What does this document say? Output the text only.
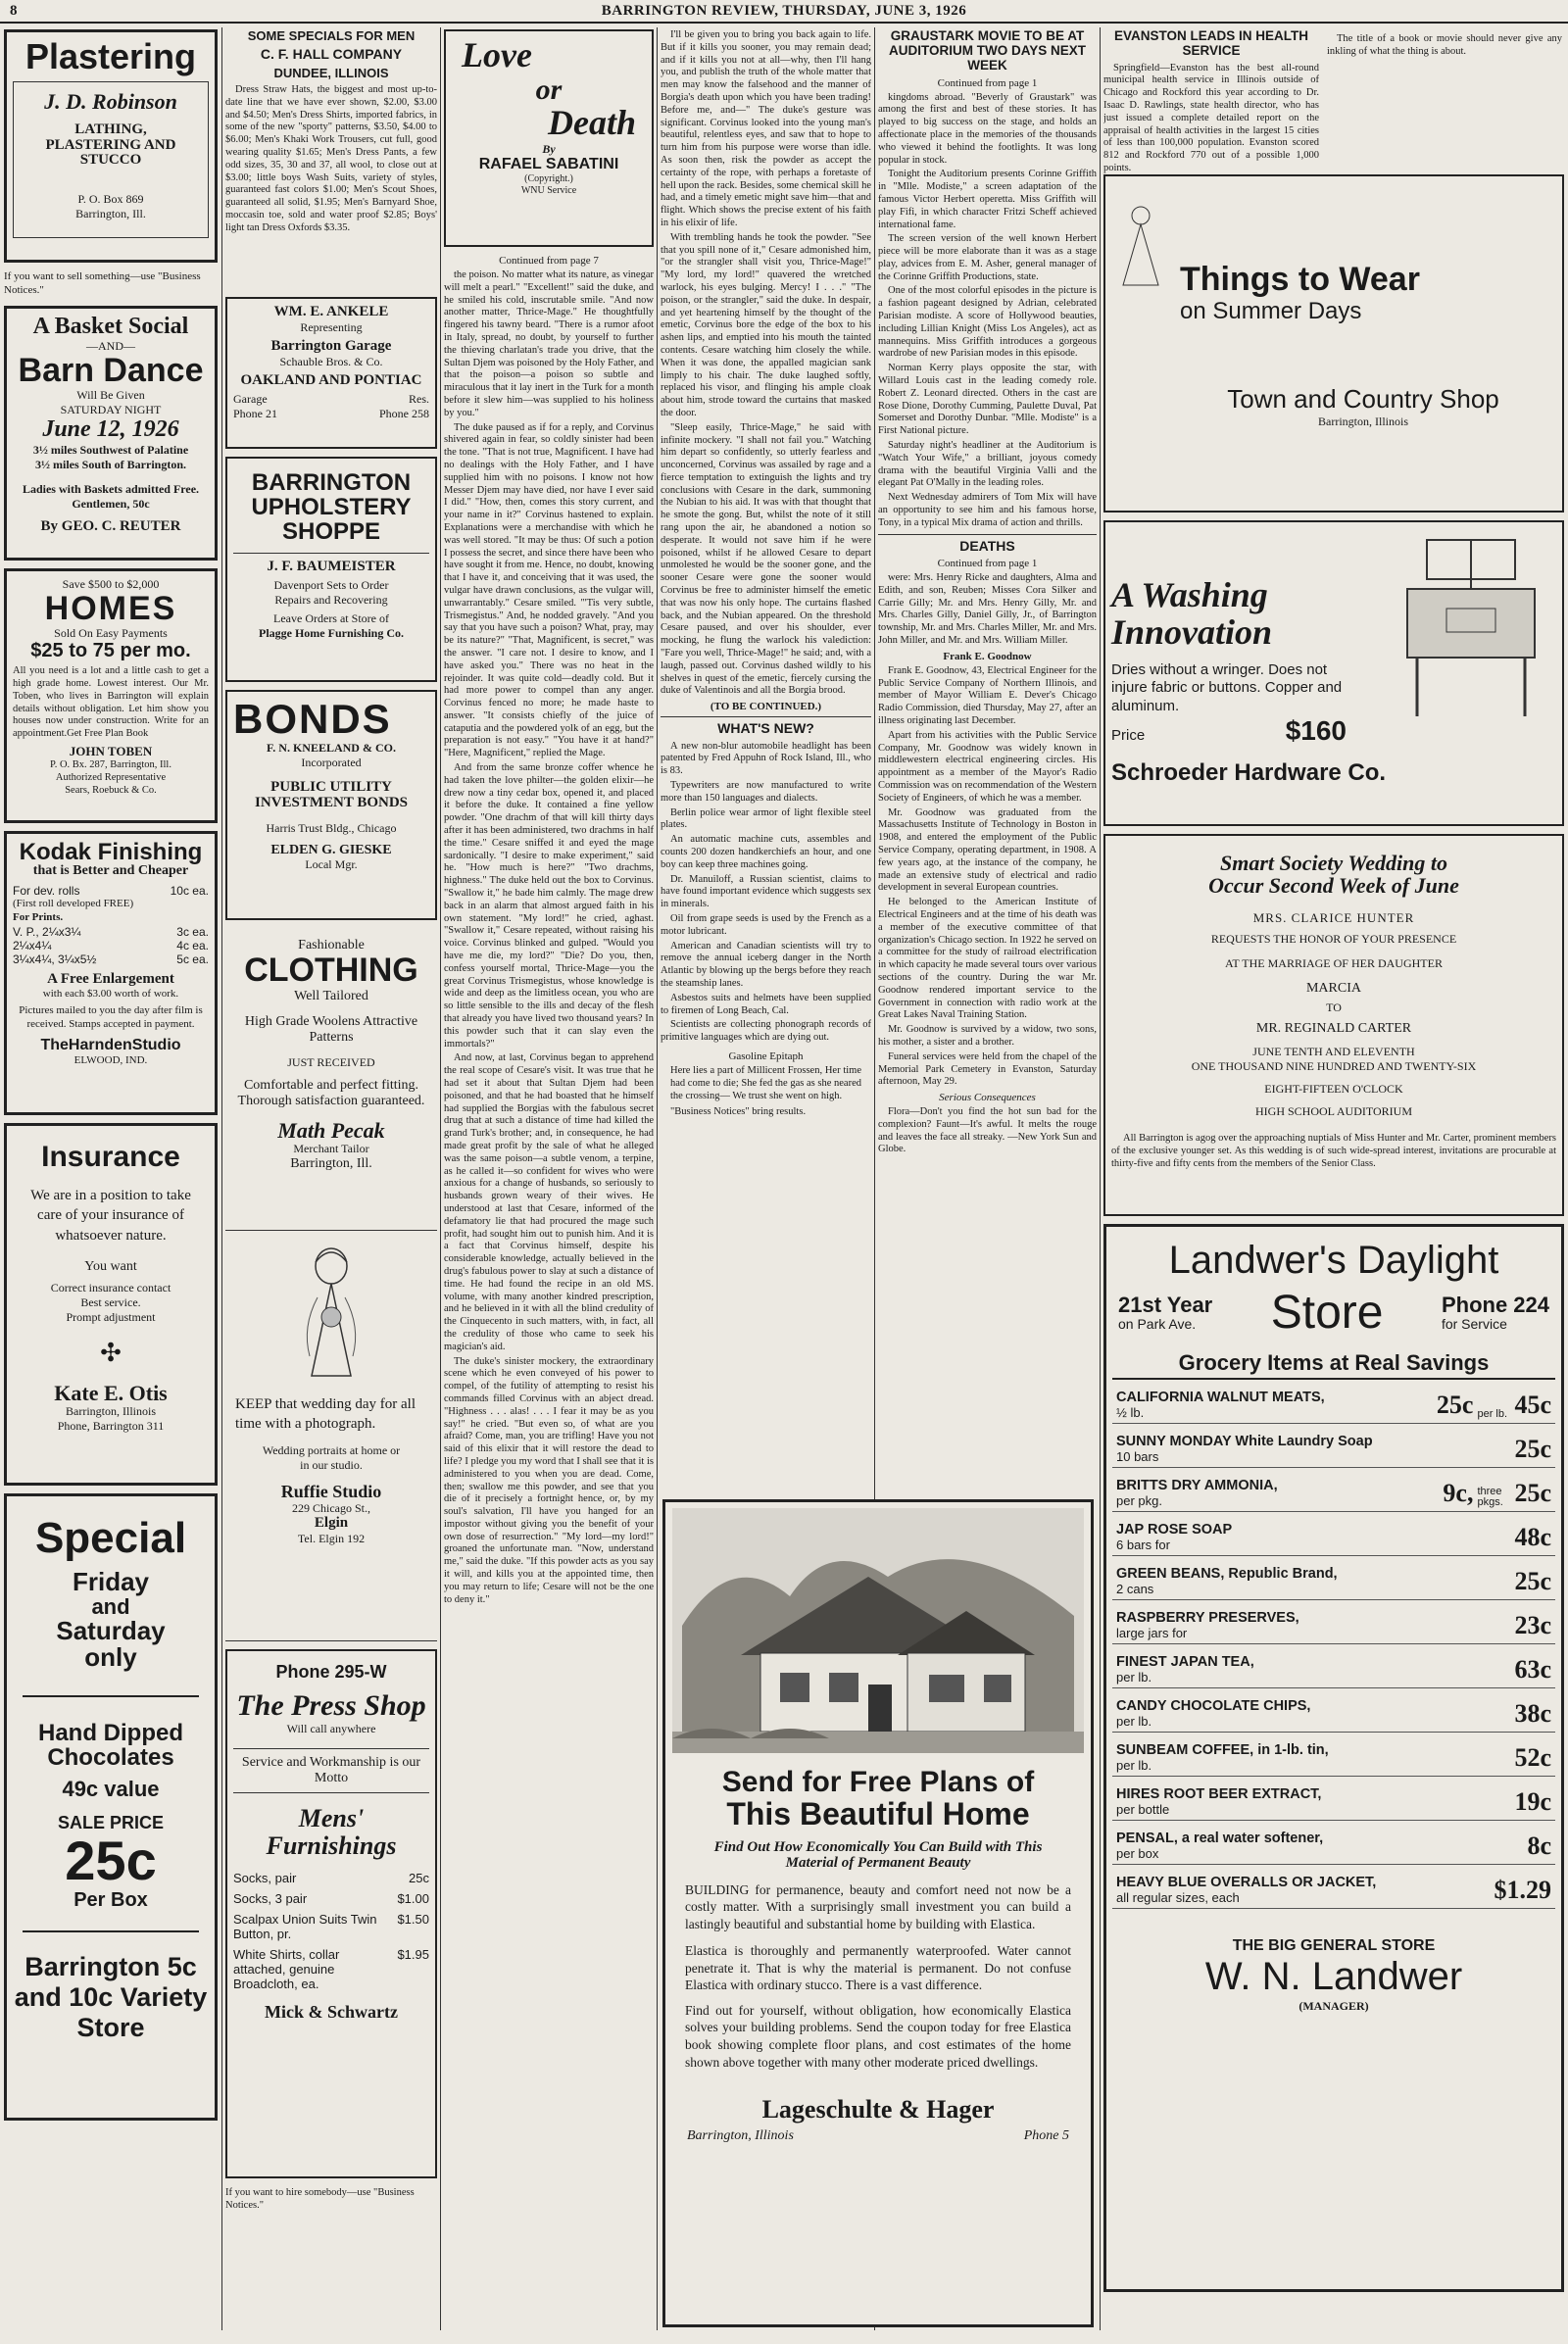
8	BARRINGTON REVIEW, THURSDAY, JUNE 3, 1926
Plastering
J. D. Robinson
LATHING, PLASTERING AND STUCCO
P. O. Box 869
Barrington, Ill.
If you want to sell something—use "Business Notices."
A Basket Social
—AND—
Barn Dance
Will Be Given
SATURDAY NIGHT
June 12, 1926
3½ miles Southwest of Palatine
3½ miles South of Barrington.
Ladies with Baskets admitted Free. Gentlemen, 50c
By GEO. C. REUTER
Save $500 to $2,000
HOMES
Sold On Easy Payments
$25 to 75 per mo.
All you need is a lot and a little cash to get a high grade home. Lowest interest. Our Mr. Toben, who lives in Barrington will explain details without obligation. Let him show you houses now under construction. Write for an appointment.Get Free Plan Book
JOHN TOBEN
P. O. Bx. 287, Barrington, Ill.
Authorized Representative
Sears, Roebuck & Co.
Kodak Finishing
that is Better and Cheaper
For dev. rolls	10c ea.
(First roll developed FREE)
For Prints.
V. P., 2¼x3¼	3c ea.
2¼x4¼	4c ea.
3¼x4¼, 3¼x5½	5c ea.
A Free Enlargement
with each $3.00 worth of work.
Pictures mailed to you the day after film is received. Stamps accepted in payment.
TheHarndenStudio
ELWOOD, IND.
Insurance
We are in a position to take care of your insurance of whatsoever nature.
You want
Correct insurance contact
Best service.
Prompt adjustment
✣
Kate E. Otis
Barrington, Illinois
Phone, Barrington 311
Special
Friday
and
Saturday
only
Hand Dipped Chocolates
49c value
SALE PRICE
25c
Per Box
Barrington 5c and 10c Variety Store
SOME SPECIALS FOR MEN
C. F. HALL COMPANY
DUNDEE, ILLINOIS
Dress Straw Hats, the biggest and most up-to-date line that we have ever shown, $2.00, $3.00 and $4.50; Men's Dress Shirts, imported fabrics, in some of the new "sporty" patterns, $3.50, $4.00 to $6.00; Men's Khaki Work Trousers, cut full, good wearing quality $1.65; Men's Dress Pants, a few odd sizes, 35, 30 and 37, all wool, to close out at $3.00; little boys Wash Suits, variety of styles, guaranteed fast colors $1.00; Men's Scout Shoes, guaranteed all solid, $1.95; Men's Barnyard Shoe, moccasin toe, sold and water proof $2.85; Boys' light tan Dress Oxfords $3.35.
WM. E. ANKELE
Representing
Barrington Garage
Schauble Bros. & Co.
OAKLAND AND PONTIAC
Garage	Res.
Phone 21	Phone 258
BARRINGTON
UPHOLSTERY
SHOPPE
J. F. BAUMEISTER
Davenport Sets to Order
Repairs and Recovering
Leave Orders at Store of
Plagge Home Furnishing Co.
BONDS
F. N. KNEELAND & CO.
Incorporated
PUBLIC UTILITY INVESTMENT BONDS
Harris Trust Bldg., Chicago
ELDEN G. GIESKE
Local Mgr.
Fashionable
CLOTHING
Well Tailored
High Grade Woolens Attractive Patterns
JUST RECEIVED
Comfortable and perfect fitting. Thorough satisfaction guaranteed.
Math Pecak
Merchant Tailor
Barrington, Ill.
KEEP that wedding day for all time with a photograph.
Wedding portraits at home or in our studio.
Ruffie Studio
229 Chicago St.,
Elgin
Tel. Elgin 192
Phone 295-W
The Press Shop
Will call anywhere
Service and Workmanship is our Motto
Mens' Furnishings
Socks, pair	25c
Socks, 3 pair	$1.00
Scalpax Union Suits Twin Button, pr.
$1.50
White Shirts, collar attached, genuine Broadcloth, ea.
$1.95
Mick & Schwartz
If you want to hire somebody—use "Business Notices."
Love
or
Death
By
RAFAEL SABATINI
(Copyright.)
WNU Service
Continued from page 7
the poison. No matter what its nature, as vinegar will melt a pearl." "Excellent!" said the duke, and he smiled his cold, inscrutable smile. "And now another matter, Thrice-Mage." He thoughtfully fingered his tawny beard. "There is a rumor afoot in Italy, spread, no doubt, by yourself to further the thieving charlatan's trade you drive, that the Sultan Djem was poisoned by the Holy Father, and that the poison—a poison so subtle and miraculous that it lay inert in the Turk for a month before it slew him—was supplied to his holiness by you."
The duke paused as if for a reply, and Corvinus shivered again in fear, so coldly sinister had been the tone. "That is not true, Magnificent. I have had no dealings with the Holy Father, and I have supplied him with no poisons. I know not how Messer Djem may have died, nor have I ever said I did." "How, then, comes this story current, and your name in it?" Corvinus hastened to explain. Explanations were a merchandise with which he was well stored. "It may be thus: Of such a potion I possess the secret, and since there have been who have sought it from me. Hence, no doubt, knowing that I have it, and conceiving that it was used, the vulgar have drawn conclusions, as the vulgar will, unwarrantably." Cesare smiled. "'Tis very subtle, Trismegistus." And, he nodded gravely. "And you say that you have such a poison? What, pray, may be its nature?" "That, Magnificent, is secret," was the answer. "I care not. I desire to know, and I have asked you." There was no heat in the rejoinder. It was quite cold—deadly cold. But it had more power to compel than any anger. Corvinus fenced no more; he made haste to answer. "It consists chiefly of the juice of cataputia and the powdered yolk of an egg, but the preparation is not easy." "You have it at hand?" "Here, Magnificent," replied the Mage.
And from the same bronze coffer whence he had taken the love philter—the golden elixir—he drew now a tiny cedar box, opened it, and placed it before the duke. It contained a fine yellow powder. "One drachm of that will kill thirty days after it has been administered, two drachms in half the time." Cesare sniffed it and eyed the mage sardonically. "I desire to make experiment," said he. "How much is here?" "Two drachms, highness." The duke held out the box to Corvinus. "Swallow it," he bade him calmly. The mage drew back in an alarm that almost argued faith in his own statement. "My lord!" he cried, aghast. "Swallow it," Cesare repeated, without raising his voice. Corvinus blinked and gulped. "Would you have me die, my lord?" "Die? Do you, then, confess yourself mortal, Thrice-Mage—you the great Corvinus Trismegistus, whose knowledge is wide and deep as the limitless ocean, you who are so little sensible to the ills and decay of the flesh that already you have lived two thousand years? In this powder such that it can slay even the immortals?"
And now, at last, Corvinus began to apprehend the real scope of Cesare's visit. It was true that he had set it about that Sultan Djem had been poisoned, and that he had boasted that he himself had supplied the Borgias with the fabulous secret drug that at such a distance of time had killed the grand Turk's brother; and, in consequence, he had made great profit by the sale of what he alleged was the same poison—a subtle venom, a terpine, as he called it—so confident for wives who were anxious for a change of husbands, so seriously to husbands grown weary of their wives. He understood at last that Cesare, informed of the defamatory lie that had procured the mage such profit, had sought him out to punish him. And it is a fact that Corvinus himself, despite his considerable knowledge, actually believed in the drug's fabulous power to slay at such a distance of time. He had found the recipe in an old MS. volume, with many another kindred prescription, and he believed in it with all the blind credulity of the Cinquecento in such matters, with, in fact, all the credulity of those who came to seek his magician's aid.
The duke's sinister mockery, the extraordinary scene which he even conveyed of his power to compel, of the futility of attempting to resist his commands filled Corvinus with an abject dread. "Highness . . . alas! . . . I fear it may be as you say!" he cried. "But even so, of what are you afraid? Come, man, you are trifling! Have you not said of this elixir that it will restore the dead to life? I pledge you my word that I shall see that it is administered to you when you are dead. Come, then; swallow me this powder, and see that you die of it precisely a fortnight hence, or, by my soul's salvation, I'll have you hanged for an impostor without giving you the benefit of your own dose of resurrection." "My lord—my lord!" groaned the unfortunate man. "Now, understand me," said the duke. "If this powder acts as you say it will, and kills you at the appointed time, then you may return to life; Cesare will not be the one to deny it."
I'll be given you to bring you back again to life. But if it kills you sooner, you may remain dead; and if it kills you not at all—why, then I'll hang you, and publish the truth of the whole matter that men may know the falsehood and the manner of Borgia's death upon which you have been trading! Before me, and—" The duke's gesture was significant. Corvinus looked into the young man's beautiful, relentless eyes, and saw that to hope to turn him from his purpose were worse than idle. As soon then, risk the powder as accept the certainty of the rope, with perhaps a foretaste of hell upon the rack. Besides, some chemical skill he had, and a timely emetic might save him—that and flight. Which shows the precise extent of his faith in his elixir of life.
With trembling hands he took the powder. "See that you spill none of it," Cesare admonished him, "or the strangler shall visit you, Thrice-Mage!" "My lord, my lord!" quavered the wretched warlock, his eyes bulging. Mercy! I . . ." "The poison, or the strangler," said the duke. In despair, and yet heartening himself by the thought of the emetic, Corvinus bore the edge of the box to his ashen lips, and emptied into his mouth the tainted contents. Cesare watching him closely the while. When it was done, the appalled magician sank limply to his chair. The duke laughed softly, replaced his visor, and flinging his ample cloak about him, strode toward the curtains that masked the door.
"Sleep easily, Thrice-Mage," he said with infinite mockery. "I shall not fail you." Watching him depart so confidently, so utterly fearless and unconcerned, Corvinus was assailed by rage and a fierce temptation to extinguish the lights and try conclusions with Cesare in the dark, summoning the Nubian to his aid. It was with that thought that he smote the gong. But, whilst the note of it still rang upon the air, he abandoned a notion so desperate. It would not save him if he were poisoned, whilst if he allowed Cesare to depart unmolested he would be the sooner gone, and the sooner Cesare were gone the sooner would Corvinus be free to administer himself the emetic that was now his only hope. The curtains flashed back, and the Nubian appeared. On the threshold Cesare paused, and over his shoulder, ever mocking, he flung the warlock his valediction: "Fare you well, Thrice-Mage!" he said; and, with a laugh, passed out. Corvinus dashed wildly to his shelves in quest of the emetic, fiercely cursing the duke of Valentinois and all the Borgia brood.
(TO BE CONTINUED.)
WHAT'S NEW?
A new non-blur automobile headlight has been patented by Fred Appuhn of Rock Island, Ill., who is 83.
Typewriters are now manufactured to write more than 150 languages and dialects.
Berlin police wear armor of light flexible steel plates.
An automatic machine cuts, assembles and counts 200 dozen handkerchiefs an hour, and one boy can keep three machines going.
Dr. Manuiloff, a Russian scientist, claims to have found important evidence which suggests sex in minerals.
Oil from grape seeds is used by the French as a motor lubricant.
American and Canadian scientists will try to remove the annual iceberg danger in the North Atlantic by blowing up the bergs before they reach the steamship lanes.
Asbestos suits and helmets have been supplied to firemen of Long Beach, Cal.
Scientists are collecting phonograph records of primitive languages which are dying out.
Gasoline Epitaph
Here lies a part of Millicent Frossen, Her time had come to die; She fed the gas as she neared the crossing— We trust she went on high.
"Business Notices" bring results.
GRAUSTARK MOVIE TO BE AT AUDITORIUM TWO DAYS NEXT WEEK
Continued from page 1
kingdoms abroad. "Beverly of Graustark" was among the first and best of these stories. It has played to big success on the stage, and holds an affectionate place in the memories of the thousands who viewed it behind the footlights. It was long popular in stock.
Tonight the Auditorium presents Corinne Griffith in "Mlle. Modiste," a screen adaptation of the famous Victor Herbert operetta. Miss Griffith will play Fifi, in which character Fritzi Scheff achieved international fame.
The screen version of the well known Herbert piece will be more elaborate than it was as a stage play, advices from E. M. Asher, general manager of the Corinne Griffith Productions, state.
One of the most colorful episodes in the picture is a fashion pageant designed by Adrian, celebrated Parisian modiste. A score of Hollywood beauties, including Lillian Knight (Miss Los Angeles), act as mannequins. Miss Griffith introduces a gorgeous wardrobe of new Parisian modes in this episode.
Norman Kerry plays opposite the star, with Willard Louis cast in the leading comedy role. Robert Z. Leonard directed. Others in the cast are Rose Dione, Dorothy Cumming, Paulette Duval, Pat Somerset and Dorothy Dunbar. "Mlle. Modiste" is a First National picture.
Saturday night's headliner at the Auditorium is "Watch Your Wife," a brilliant, joyous comedy drama with the beautiful Virginia Valli and the elegant Pat O'Mally in the leading roles.
Next Wednesday admirers of Tom Mix will have an opportunity to see him and his famous horse, Tony, in a typical Mix drama of action and thrills.
DEATHS
Continued from page 1
were: Mrs. Henry Ricke and daughters, Alma and Edith, and son, Reuben; Misses Cora Silker and Carrie Gilly; Mr. and Mrs. Henry Gilly, Mr. and Mrs. Charles Gilly, Daniel Gilly, Jr., of Barrington township, Mr. and Mrs. Charles Miller, Mr. and Mrs. John Miller, and Mr. and Mrs. William Miller.
Frank E. Goodnow
Frank E. Goodnow, 43, Electrical Engineer for the Public Service Company of Northern Illinois, and member of Mayor William E. Dever's Chicago Radio Commission, died Thursday, May 27, after an illness originating last December.
Apart from his activities with the Public Service Company, Mr. Goodnow was widely known in middlewestern electrical engineering circles. His appointment as a member of the Mayor's Radio Commission was on recommendation of the Western Society of Engineers, of which he was a member.
Mr. Goodnow was graduated from the Massachusetts Institute of Technology in Boston in 1908, and entered the employment of the Public Service Company, operating department, in 1908. A few years ago, at the instance of the company, he made an extensive study of electrical and radio development in several European countries.
He belonged to the American Institute of Electrical Engineers and at the time of his death was a member of the executive committee of that organization's Chicago section. In 1922 he served on a committee for the study of railroad electrification in which capacity he made several tours over various sections of the country. During the war Mr. Goodnow rendered important service to the Government in connection with radio work at the Great Lakes Naval Training Station.
Mr. Goodnow is survived by a widow, two sons, his mother, a sister and a brother.
Funeral services were held from the chapel of the Memorial Park Cemetery in Evanston, Saturday afternoon, May 29.
Serious Consequences
Flora—Don't you find the hot sun bad for the complexion? Faunt—It's awful. It melts the rouge and leaves the face all streaky. —New York Sun and Globe.
Send for Free Plans of
This Beautiful Home
Find Out How Economically You Can Build with This Material of Permanent Beauty
BUILDING for permanence, beauty and comfort need not now be a costly matter. With a surprisingly small investment you can build a lastingly beautiful and substantial home by building with Elastica.
Elastica is thoroughly and permanently waterproofed. Water cannot penetrate it. That is why the material is permanent. Do not confuse Elastica with ordinary stucco. There is a vast difference.
Find out for yourself, without obligation, how economically Elastica solves your building problems. Send the coupon today for free Elastica book showing complete floor plans, and cost estimates of the home shown above together with many other moderate priced dwellings.
Lageschulte & Hager
Barrington, Illinois	Phone 5
EVANSTON LEADS IN HEALTH SERVICE
Springfield—Evanston has the best all-round municipal health service in Illinois outside of Chicago and Rockford this year according to Dr. Isaac D. Rawlings, state health director, who has just issued a complete detailed report on the appraisal of health activities in the largest 15 cities of less than 100,000 population. Evanston scored 812 and Rockford 770 out of a possible 1,000 points.
The title of a book or movie should never give any inkling of what the thing is about.
Things to Wear
on Summer Days
Town and Country Shop
Barrington, Illinois
A Washing
Innovation
Dries without a wringer. Does not injure fabric or buttons. Copper and aluminum.
Price	$160
Schroeder Hardware Co.
Smart Society Wedding to
Occur Second Week of June
MRS. CLARICE HUNTER
REQUESTS THE HONOR OF YOUR PRESENCE
AT THE MARRIAGE OF HER DAUGHTER
MARCIA
TO
MR. REGINALD CARTER
JUNE TENTH AND ELEVENTH
ONE THOUSAND NINE HUNDRED AND TWENTY-SIX
EIGHT-FIFTEEN O'CLOCK
HIGH SCHOOL AUDITORIUM
All Barrington is agog over the approaching nuptials of Miss Hunter and Mr. Carter, prominent members of the exclusive younger set. As this wedding is of such wide-spread interest, invitations are procurable at thirty-five and fifty cents from the members of the Senior Class.
Landwer's Daylight
21st Year
on Park Ave.	Store	Phone 224
for Service
Grocery Items at Real Savings
CALIFORNIA WALNUT MEATS,
½ lb.	25c per lb. 45c
SUNNY MONDAY White Laundry Soap
10 bars	25c
BRITTS DRY AMMONIA,
per pkg.	9c, three pkgs. 25c
JAP ROSE SOAP
6 bars for	48c
GREEN BEANS, Republic Brand,
2 cans	25c
RASPBERRY PRESERVES,
large jars for	23c
FINEST JAPAN TEA,
per lb.	63c
CANDY CHOCOLATE CHIPS,
per lb.	38c
SUNBEAM COFFEE, in 1-lb. tin,
per lb.	52c
HIRES ROOT BEER EXTRACT,
per bottle	19c
PENSAL, a real water softener,
per box	8c
HEAVY BLUE OVERALLS OR JACKET,
all regular sizes, each	$1.29
THE BIG GENERAL STORE
W. N. Landwer
(MANAGER)
